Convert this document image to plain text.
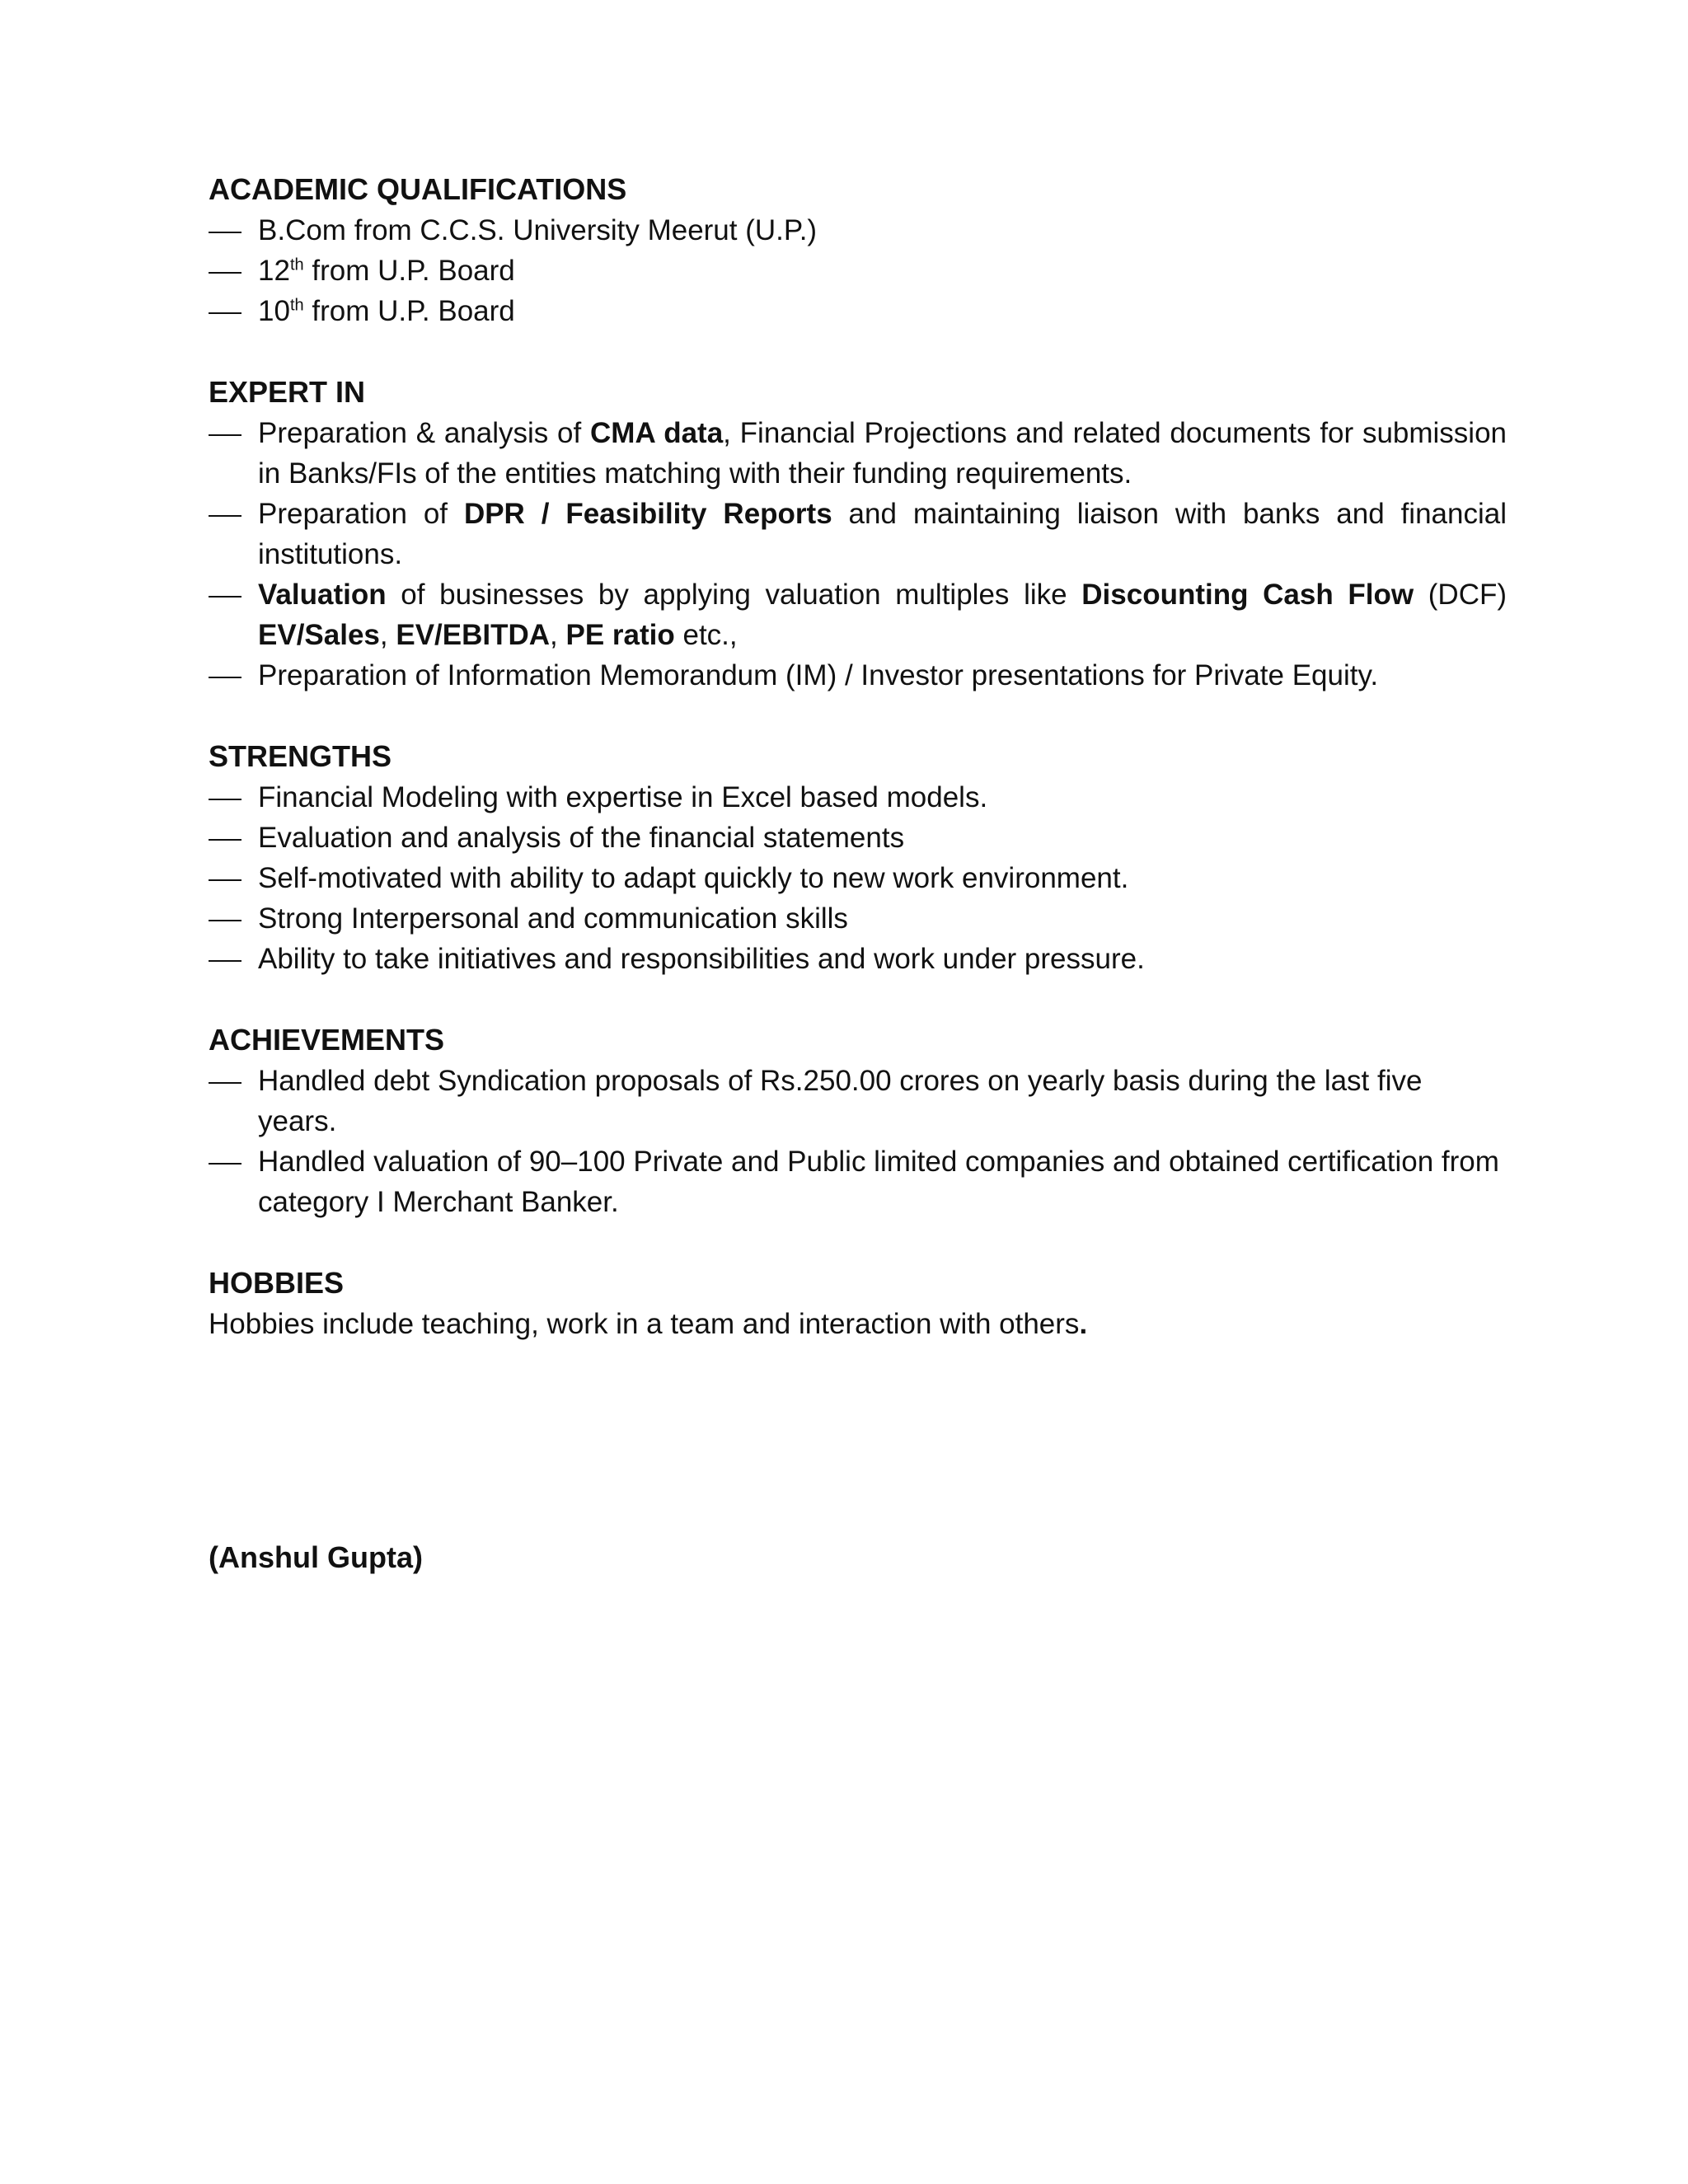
ACADEMIC QUALIFICATIONS
B.Com from C.C.S. University Meerut (U.P.)
12th from U.P. Board
10th from U.P. Board
EXPERT IN
Preparation & analysis of CMA data, Financial Projections and related documents for submission in Banks/FIs of the entities matching with their funding requirements.
Preparation of DPR / Feasibility Reports and maintaining liaison with banks and financial institutions.
Valuation of businesses by applying valuation multiples like Discounting Cash Flow (DCF) EV/Sales, EV/EBITDA, PE ratio etc.,
Preparation of Information Memorandum (IM) / Investor presentations for Private Equity.
STRENGTHS
Financial Modeling with expertise in Excel based models.
Evaluation and analysis of the financial statements
Self-motivated with ability to adapt quickly to new work environment.
Strong Interpersonal and communication skills
Ability to take initiatives and responsibilities and work under pressure.
ACHIEVEMENTS
Handled debt Syndication proposals of Rs.250.00 crores on yearly basis during the last five years.
Handled valuation of 90–100 Private and Public limited companies and obtained certification from category I Merchant Banker.
HOBBIES

Hobbies include teaching, work in a team and interaction with others.

(Anshul Gupta)
